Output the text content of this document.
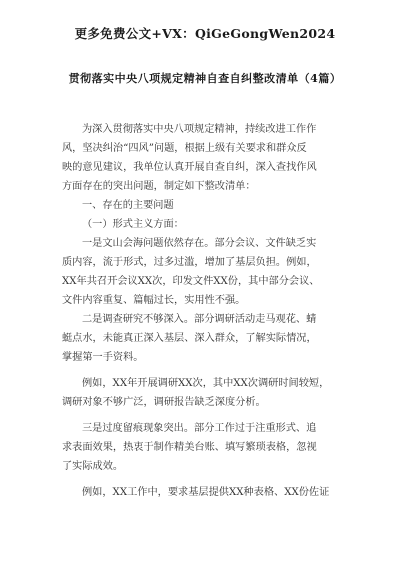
更多免费公文+VX：QiGeGongWen2024
贯彻落实中央八项规定精神自查自纠整改清单（4篇）
为深入贯彻落实中央八项规定精神，持续改进工作作
风，坚决纠治“四风”问题，根据上级有关要求和群众反
映的意见建议，我单位认真开展自查自纠，深入查找作风
方面存在的突出问题，制定如下整改清单：
一、存在的主要问题
（一）形式主义方面：
一是文山会海问题依然存在。部分会议、文件缺乏实
质内容，流于形式，过多过滥，增加了基层负担。例如，
XX年共召开会议XX次，印发文件XX份，其中部分会议、
文件内容重复、篇幅过长，实用性不强。
二是调查研究不够深入。部分调研活动走马观花、蜻
蜓点水，未能真正深入基层、深入群众，了解实际情况，
掌握第一手资料。
例如，XX年开展调研XX次，其中XX次调研时间较短，
调研对象不够广泛，调研报告缺乏深度分析。
三是过度留痕现象突出。部分工作过于注重形式、追
求表面效果，热衷于制作精美台账、填写繁琐表格，忽视
了实际成效。
例如，XX工作中，要求基层提供XX种表格、XX份佐证
